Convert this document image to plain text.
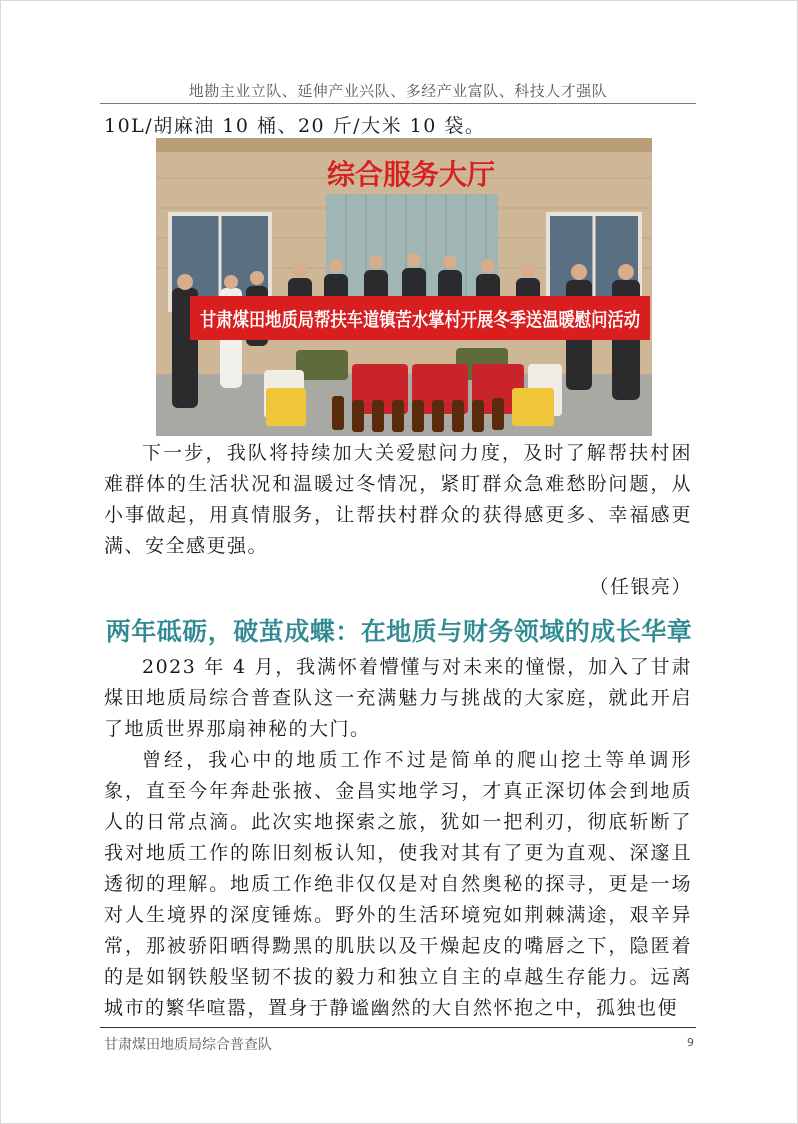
地勘主业立队、延伸产业兴队、多经产业富队、科技人才强队

10L/胡麻油 10 桶、20 斤/大米 10 袋。

综合服务大厅
甘肃煤田地质局帮扶车道镇苦水掌村开展冬季送温暖慰问活动

下一步，我队将持续加大关爱慰问力度，及时了解帮扶村困难群体的生活状况和温暖过冬情况，紧盯群众急难愁盼问题，从小事做起，用真情服务，让帮扶村群众的获得感更多、幸福感更满、安全感更强。

（任银亮）
两年砥砺，破茧成蝶：在地质与财务领域的成长华章

2023 年 4 月，我满怀着懵懂与对未来的憧憬，加入了甘肃煤田地质局综合普查队这一充满魅力与挑战的大家庭，就此开启了地质世界那扇神秘的大门。

曾经，我心中的地质工作不过是简单的爬山挖土等单调形象，直至今年奔赴张掖、金昌实地学习，才真正深切体会到地质人的日常点滴。此次实地探索之旅，犹如一把利刃，彻底斩断了我对地质工作的陈旧刻板认知，使我对其有了更为直观、深邃且透彻的理解。地质工作绝非仅仅是对自然奥秘的探寻，更是一场对人生境界的深度锤炼。野外的生活环境宛如荆棘满途，艰辛异常，那被骄阳晒得黝黑的肌肤以及干燥起皮的嘴唇之下，隐匿着的是如钢铁般坚韧不拔的毅力和独立自主的卓越生存能力。远离城市的繁华喧嚣，置身于静谧幽然的大自然怀抱之中，孤独也便

甘肃煤田地质局综合普查队	9
